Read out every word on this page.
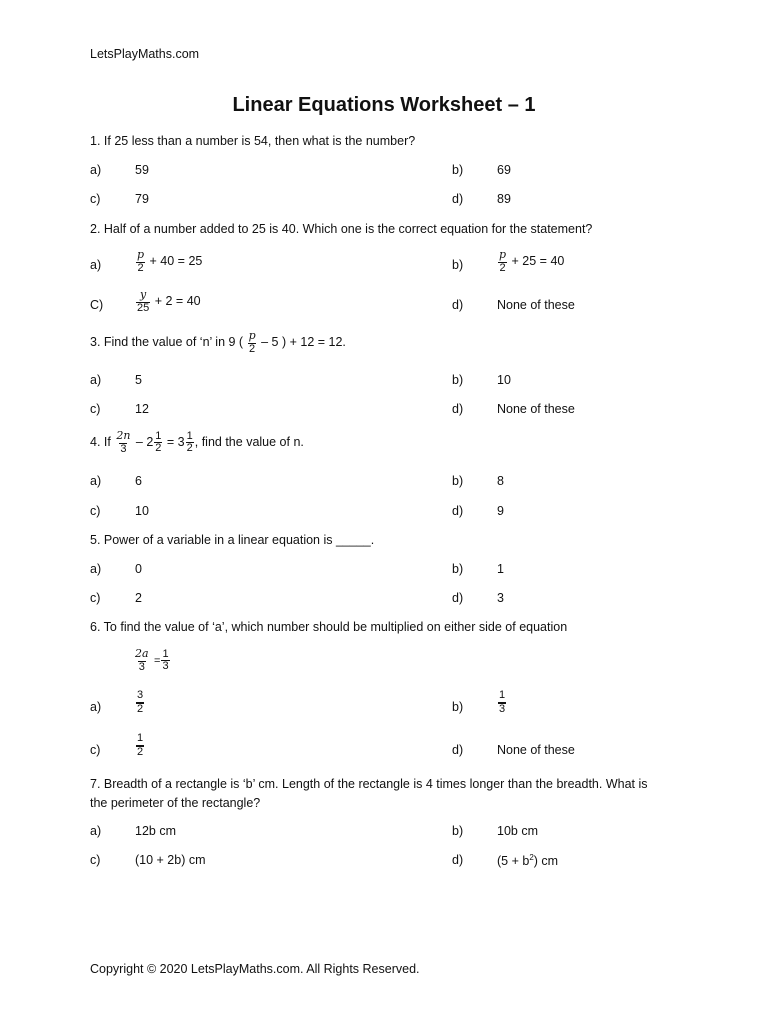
LetsPlayMaths.com
Linear Equations Worksheet – 1
1. If 25 less than a number is 54, then what is the number?
a)	59	b)	69
c)	79	d)	89
2. Half of a number added to 25 is 40. Which one is the correct equation for the statement?
a)	$\frac{p}{2} + 40 = 25$	b)	$\frac{p}{2} + 25 = 40$
C)	$\frac{y}{25} + 2 = 40$	d)	None of these
3. Find the value of ‘n’ in 9 ( $\frac{p}{2} - 5$ ) + 12 = 12.
a)	5	b)	10
c)	12	d)	None of these
4. If $\frac{2n}{3} - 2 \frac{1}{2} = 3 \frac{1}{2}$ , find the value of n.
a)	6	b)	8
c)	10	d)	9
5. Power of a variable in a linear equation is _____.
a)	0	b)	1
c)	2	d)	3
6. To find the value of ‘a’, which number should be multiplied on either side of equation
$\frac{2a}{3} = \frac{1}{3}$
a)	$\frac{3}{2}$	b)	$\frac{1}{3}$
c)	$\frac{1}{2}$	d)	None of these
7. Breadth of a rectangle is ‘b’ cm. Length of the rectangle is 4 times longer than the breadth. What is
the perimeter of the rectangle?
a)	12b cm	b)	10b cm
c)	(10 + 2b) cm	d)	$(5 + b^2)$ cm
Copyright © 2020 LetsPlayMaths.com. All Rights Reserved.
